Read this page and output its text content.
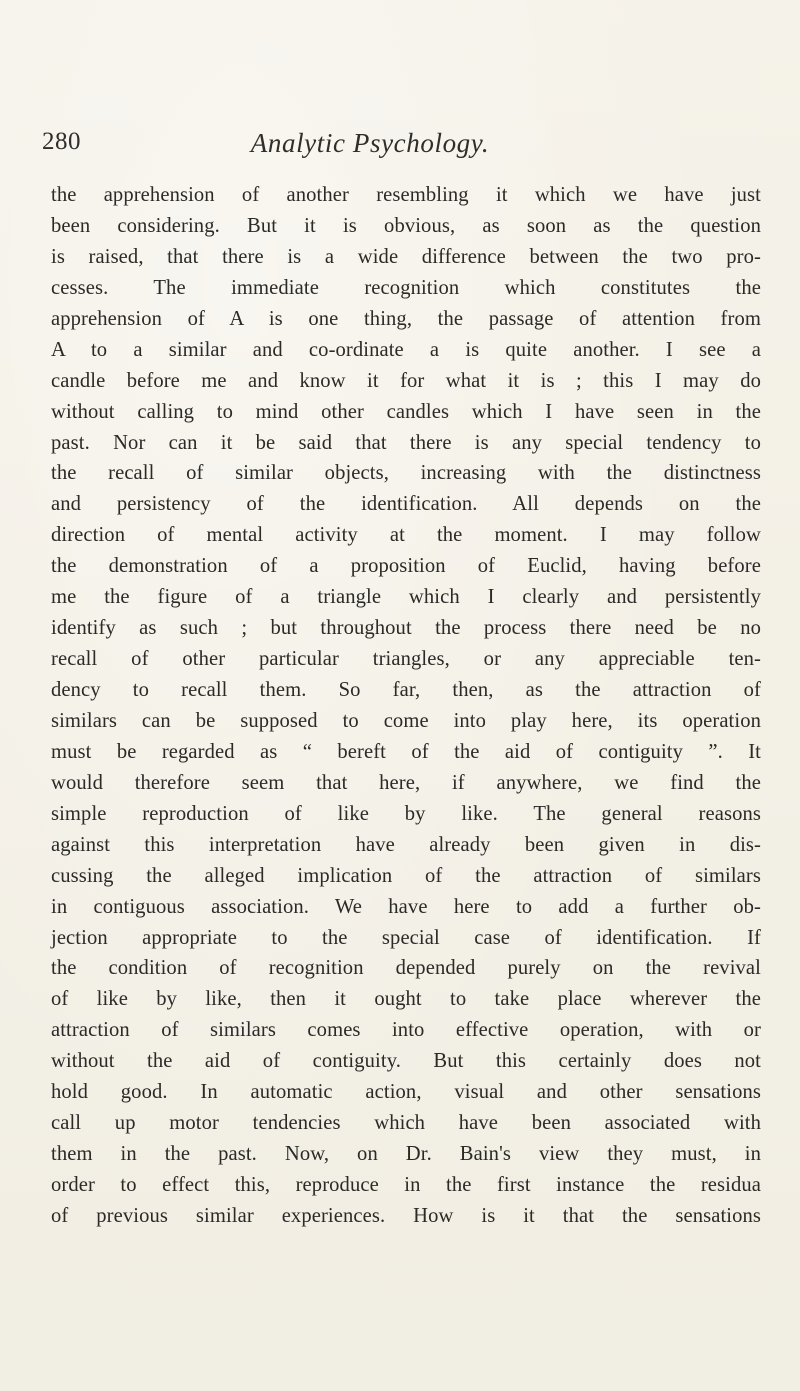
280	Analytic Psychology.
the apprehension of another resembling it which we have just
been considering. But it is obvious, as soon as the question
is raised, that there is a wide difference between the two pro-
cesses. The immediate recognition which constitutes the
apprehension of A is one thing, the passage of attention from
A to a similar and co-ordinate a is quite another. I see a
candle before me and know it for what it is ; this I may do
without calling to mind other candles which I have seen in the
past. Nor can it be said that there is any special tendency to
the recall of similar objects, increasing with the distinctness
and persistency of the identification. All depends on the
direction of mental activity at the moment. I may follow
the demonstration of a proposition of Euclid, having before
me the figure of a triangle which I clearly and persistently
identify as such ; but throughout the process there need be no
recall of other particular triangles, or any appreciable ten-
dency to recall them. So far, then, as the attraction of
similars can be supposed to come into play here, its operation
must be regarded as “ bereft of the aid of contiguity ”. It
would therefore seem that here, if anywhere, we find the
simple reproduction of like by like. The general reasons
against this interpretation have already been given in dis-
cussing the alleged implication of the attraction of similars
in contiguous association. We have here to add a further ob-
jection appropriate to the special case of identification. If
the condition of recognition depended purely on the revival
of like by like, then it ought to take place wherever the
attraction of similars comes into effective operation, with or
without the aid of contiguity. But this certainly does not
hold good. In automatic action, visual and other sensations
call up motor tendencies which have been associated with
them in the past. Now, on Dr. Bain's view they must, in
order to effect this, reproduce in the first instance the residua
of previous similar experiences. How is it that the sensations
